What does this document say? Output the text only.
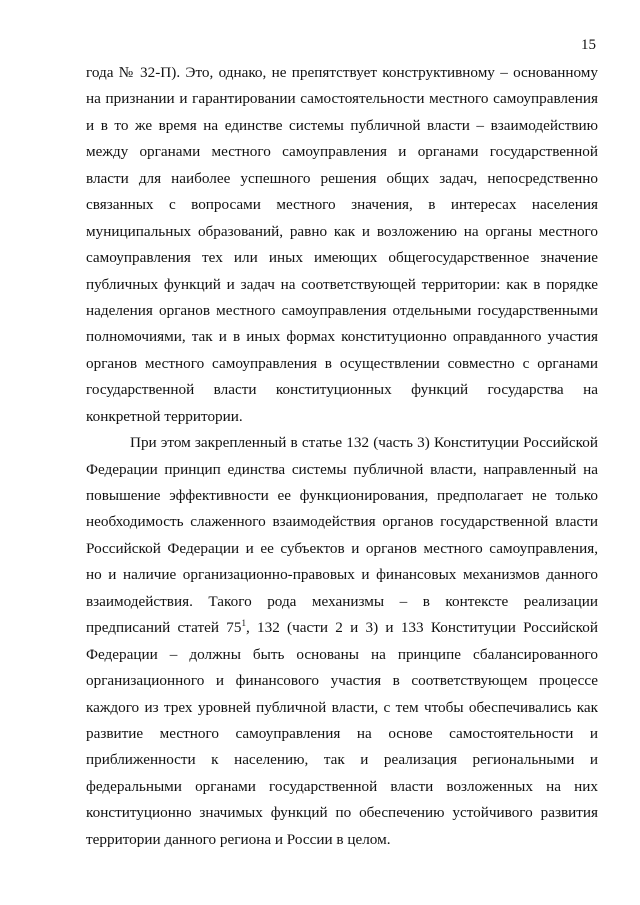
15
года № 32-П). Это, однако, не препятствует конструктивному – основанному
на признании и гарантировании самостоятельности местного самоуправления
и в то же время на единстве системы публичной власти – взаимодействию
между органами местного самоуправления и органами государственной
власти для наиболее успешного решения общих задач, непосредственно
связанных с вопросами местного значения, в интересах населения
муниципальных образований, равно как и возложению на органы местного
самоуправления тех или иных имеющих общегосударственное значение
публичных функций и задач на соответствующей территории: как в порядке
наделения органов местного самоуправления отдельными государственными
полномочиями, так и в иных формах конституционно оправданного участия
органов местного самоуправления в осуществлении совместно с органами
государственной власти конституционных функций государства на
конкретной территории.
При этом закрепленный в статье 132 (часть 3) Конституции Российской
Федерации принцип единства системы публичной власти, направленный на
повышение эффективности ее функционирования, предполагает не только
необходимость слаженного взаимодействия органов государственной власти
Российской Федерации и ее субъектов и органов местного самоуправления,
но и наличие организационно-правовых и финансовых механизмов данного
взаимодействия. Такого рода механизмы – в контексте реализации
предписаний статей $75^1$, 132 (части 2 и 3) и 133 Конституции Российской
Федерации – должны быть основаны на принципе сбалансированного
организационного и финансового участия в соответствующем процессе
каждого из трех уровней публичной власти, с тем чтобы обеспечивались как
развитие местного самоуправления на основе самостоятельности и
приближенности к населению, так и реализация региональными и
федеральными органами государственной власти возложенных на них
конституционно значимых функций по обеспечению устойчивого развития
территории данного региона и России в целом.
